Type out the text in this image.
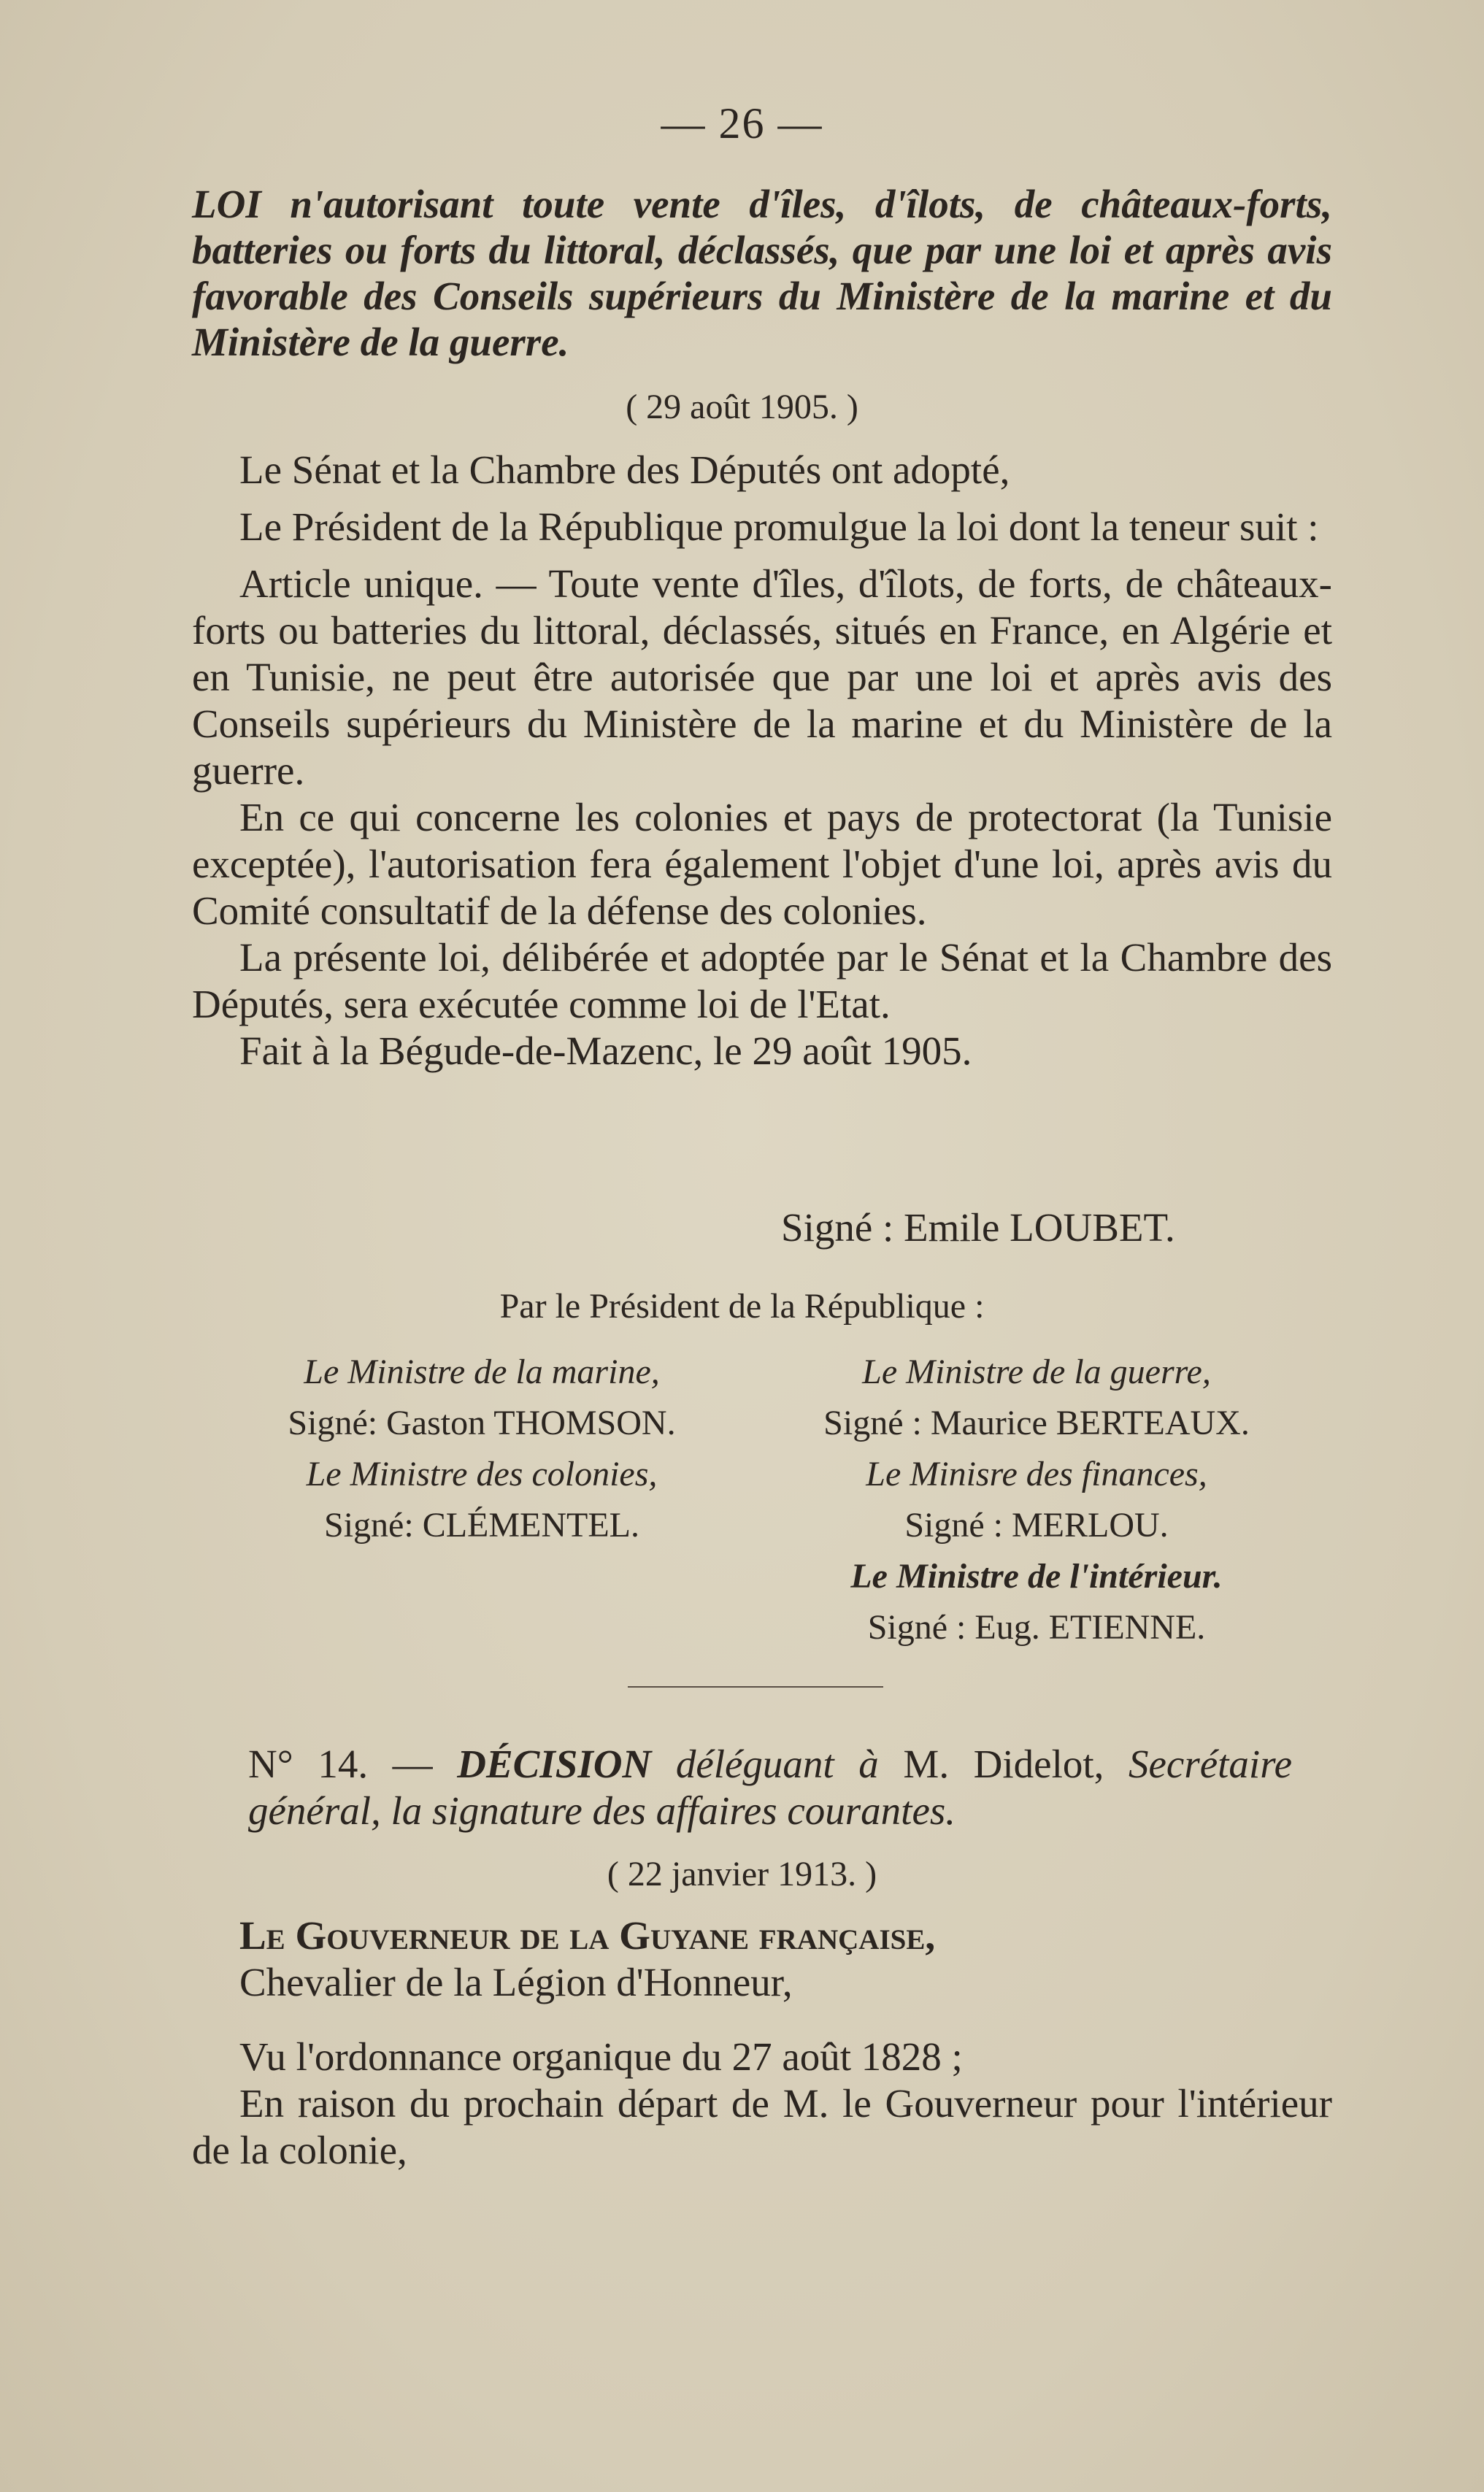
— 26 —

LOI n'autorisant toute vente d'îles, d'îlots, de châteaux-forts, batteries ou forts du littoral, déclassés, que par une loi et après avis favorable des Conseils supérieurs du Ministère de la marine et du Ministère de la guerre.

( 29 août 1905. )

Le Sénat et la Chambre des Députés ont adopté,

Le Président de la République promulgue la loi dont la teneur suit :

Article unique. — Toute vente d'îles, d'îlots, de forts, de châteaux-forts ou batteries du littoral, déclassés, situés en France, en Algérie et en Tunisie, ne peut être autorisée que par une loi et après avis des Conseils supérieurs du Ministère de la marine et du Ministère de la guerre.

En ce qui concerne les colonies et pays de protectorat (la Tunisie exceptée), l'autorisation fera également l'objet d'une loi, après avis du Comité consultatif de la défense des colonies.

La présente loi, délibérée et adoptée par le Sénat et la Chambre des Députés, sera exécutée comme loi de l'Etat.

Fait à la Bégude-de-Mazenc, le 29 août 1905.

Signé : Emile LOUBET.
Par le Président de la République :
Le Ministre de la marine,
Signé: Gaston THOMSON.
Le Ministre des colonies,
Signé: CLÉMENTEL.
Le Ministre de la guerre,
Signé : Maurice BERTEAUX.
Le Minisre des finances,
Signé : MERLOU.
Le Ministre de l'intérieur.
Signé : Eug. ETIENNE.

N° 14. — DÉCISION déléguant à M. Didelot, Secrétaire général, la signature des affaires courantes.

( 22 janvier 1913. )

Le Gouverneur de la Guyane française,

Chevalier de la Légion d'Honneur,

Vu l'ordonnance organique du 27 août 1828 ;

En raison du prochain départ de M. le Gouverneur pour l'intérieur de la colonie,
